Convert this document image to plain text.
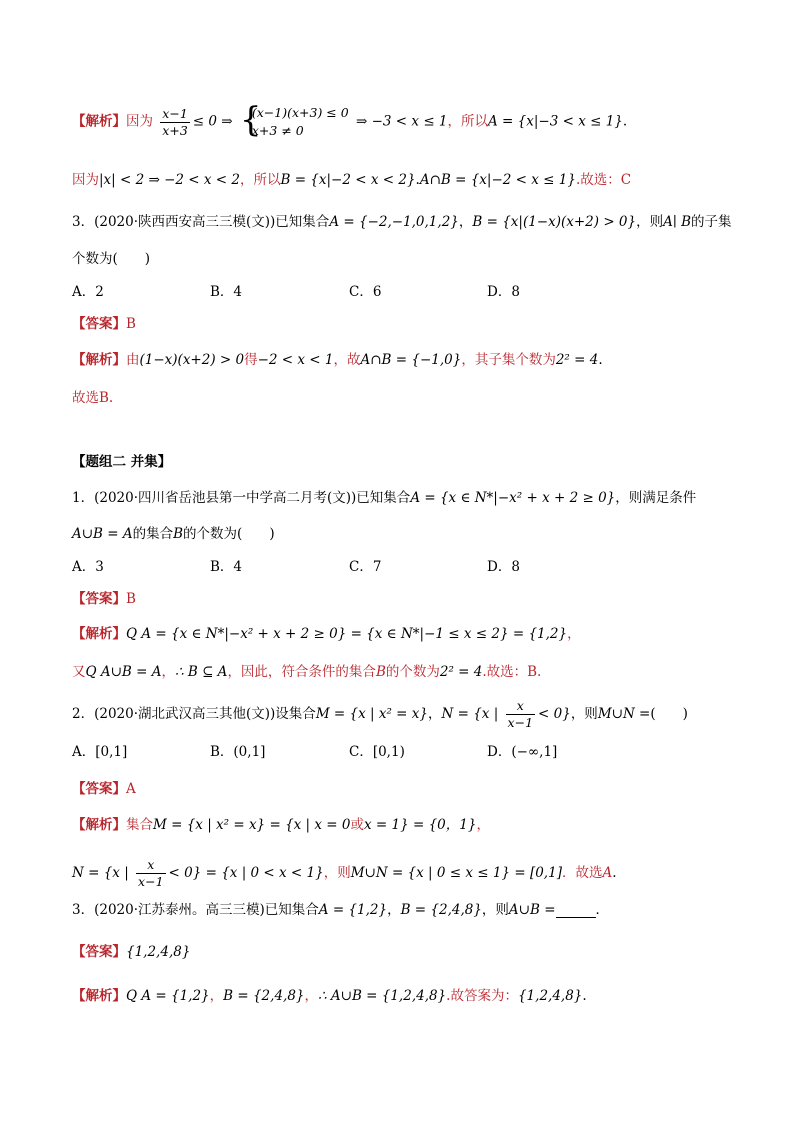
【解析】因为 $\frac{x-1}{x+3} \le 0$ ⇒
{ (x−1)(x+3) ≤ 0
x+3 ≠ 0
⇒ −3 < x ≤ 1，所以A = {x|−3 < x ≤ 1}.
因为|x| < 2 ⇒ −2 < x < 2，所以B = {x|−2 < x < 2}.A∩B = {x|−2 < x ≤ 1}.故选：C
3．(2020·陕西西安高三三模(文))已知集合A = {−2,−1,0,1,2}，B = {x|(1−x)(x+2) > 0}，则A∣ B的子集
个数为(　　)
A．2	B．4	C．6	D．8
【答案】B
【解析】由(1−x)(x+2) > 0得−2 < x < 1，故A∩B = {−1,0}，其子集个数为2² = 4.
故选B.
【题组二 并集】
1．(2020·四川省岳池县第一中学高二月考(文))已知集合A = {x ∈ N*|−x² + x + 2 ≥ 0}，则满足条件
A∪B = A的集合B的个数为(　　)
A．3	B．4	C．7	D．8
【答案】B
【解析】Q A = {x ∈ N*|−x² + x + 2 ≥ 0} = {x ∈ N*|−1 ≤ x ≤ 2} = {1,2}，
又Q A∪B = A，∴ B ⊆ A，因此，符合条件的集合B的个数为2² = 4.故选：B.
2．(2020·湖北武汉高三其他(文))设集合M = {x | x² = x}，N = {x | $\frac{x}{x-1} < 0$}，则M∪N =(　　)
A．[0,1]	B．(0,1]	C．[0,1)	D．(−∞,1]
【答案】A
【解析】集合M = {x | x² = x} = {x | x = 0或x = 1} = {0，1}，
N = {x | $\frac{x}{x-1} < 0\} = \{x$ | 0 < x < 1}，则M∪N = {x | 0 ≤ x ≤ 1} = [0,1]．故选A.
3．(2020·江苏泰州。高三三模)已知集合A = {1,2}，B = {2,4,8}，则A∪B =	．
【答案】{1,2,4,8}
【解析】Q A = {1,2}，B = {2,4,8}，∴ A∪B = {1,2,4,8}.故答案为：{1,2,4,8}.
